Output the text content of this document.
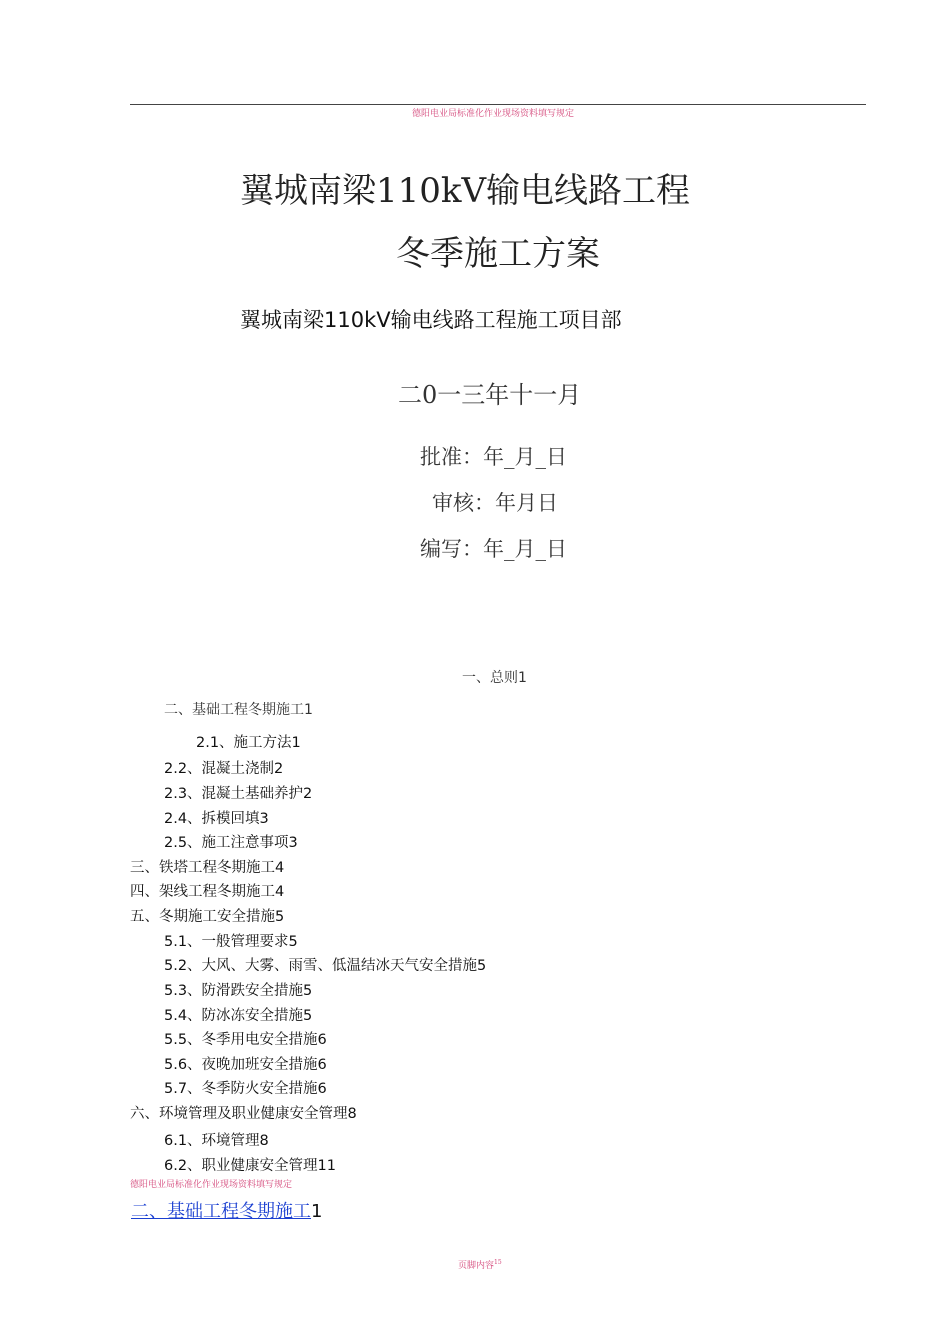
德阳电业局标准化作业现场资料填写规定
翼城南梁110kV输电线路工程
冬季施工方案
翼城南梁110kV输电线路工程施工项目部
二0一三年十一月
批准：年_月_日
审核：年月日
编写：年_月_日
一、总则1
二、基础工程冬期施工1
2.1、施工方法1
2.2、混凝土浇制2
2.3、混凝土基础养护2
2.4、拆模回填3
2.5、施工注意事项3
三、铁塔工程冬期施工4
四、架线工程冬期施工4
五、冬期施工安全措施5
5.1、一般管理要求5
5.2、大风、大雾、雨雪、低温结冰天气安全措施5
5.3、防滑跌安全措施5
5.4、防冰冻安全措施5
5.5、冬季用电安全措施6
5.6、夜晚加班安全措施6
5.7、冬季防火安全措施6
六、环境管理及职业健康安全管理8
6.1、环境管理8
6.2、职业健康安全管理11
德阳电业局标准化作业现场资料填写规定
二、基础工程冬期施工1
页脚内容$^{15}$
